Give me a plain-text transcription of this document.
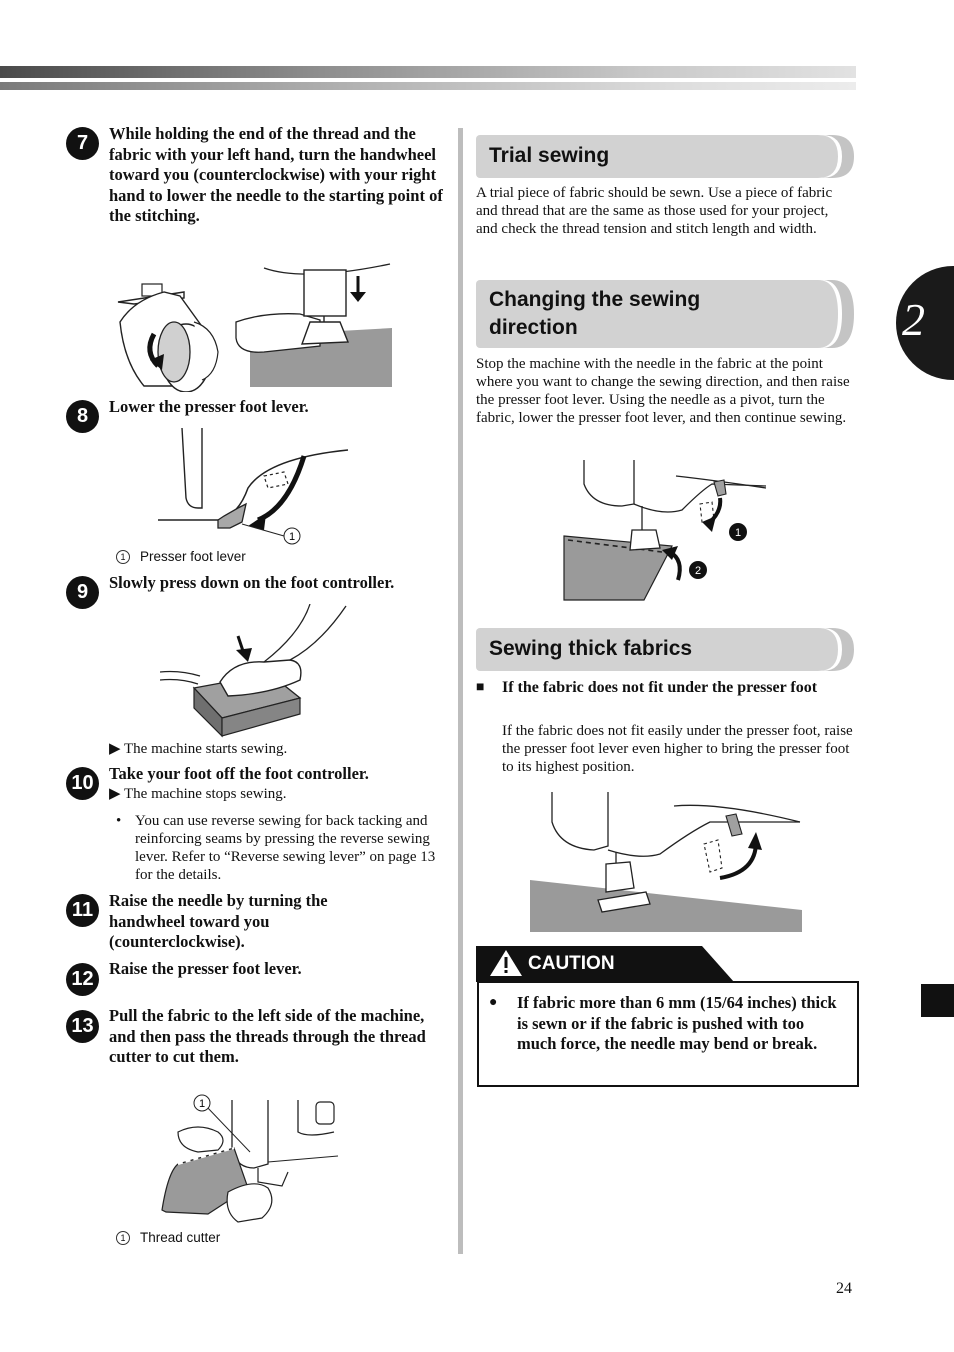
2
7	While holding the end of the thread and the fabric with your left hand, turn the handwheel toward you (counterclockwise) with your right hand to lower the needle to the starting point of the stitching.
8	Lower the presser foot lever.
1
1 Presser foot lever
9	Slowly press down on the foot controller.
▶ The machine starts sewing.
10 Take your foot off the foot controller.
▶ The machine stops sewing.
• You can use reverse sewing for back tacking and reinforcing seams by pressing the reverse sewing lever. Refer to “Reverse sewing lever” on page 13 for the details.
11 Raise the needle by turning the handwheel toward you (counterclockwise).
12 Raise the presser foot lever.
13 Pull the fabric to the left side of the machine, and then pass the threads through the thread cutter to cut them.
1
1 Thread cutter
Trial sewing
A trial piece of fabric should be sewn. Use a piece of fabric and thread that are the same as those used for your project, and check the thread tension and stitch length and width.
Changing the sewing
direction
Stop the machine with the needle in the fabric at the point where you want to change the sewing direction, and then raise the presser foot lever. Using the needle as a pivot, turn the fabric, lower the presser foot lever, and then continue sewing.
1
2
Sewing thick fabrics
■ If the fabric does not fit under the presser foot
If the fabric does not fit easily under the presser foot, raise the presser foot lever even higher to bring the presser foot to its highest position.
CAUTION
● If fabric more than 6 mm (15/64 inches) thick is sewn or if the fabric is pushed with too much force, the needle may bend or break.
24
